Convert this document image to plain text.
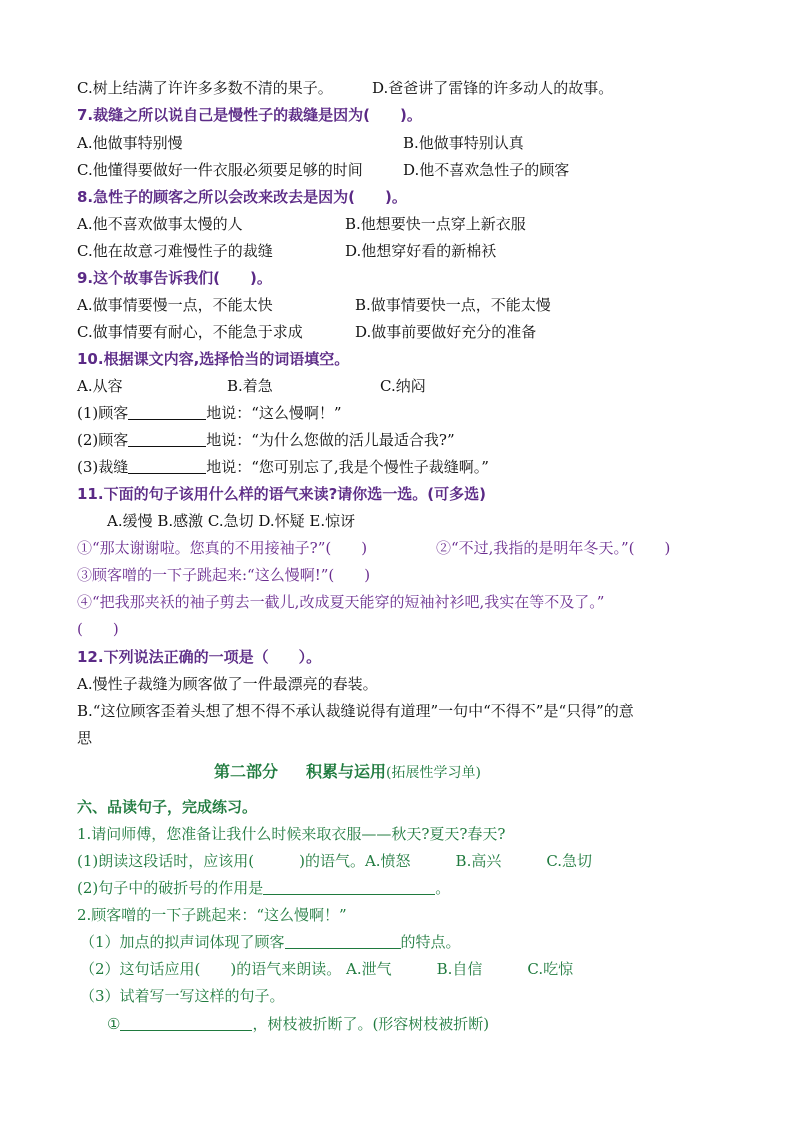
C.树上结满了许许多多数不清的果子。	D.爸爸讲了雷锋的许多动人的故事。
7.裁缝之所以说自己是慢性子的裁缝是因为(　　)。
A.他做事特别慢	B.他做事特别认真
C.他懂得要做好一件衣服必须要足够的时间	D.他不喜欢急性子的顾客
8.急性子的顾客之所以会改来改去是因为(　　)。
A.他不喜欢做事太慢的人	B.他想要快一点穿上新衣服
C.他在故意刁难慢性子的裁缝	D.他想穿好看的新棉袄
9.这个故事告诉我们(　　)。
A.做事情要慢一点，不能太快	B.做事情要快一点，不能太慢
C.做事情要有耐心，不能急于求成	D.做事前要做好充分的准备
10.根据课文内容,选择恰当的词语填空。
A.从容	B.着急	C.纳闷
(1)顾客	地说：“这么慢啊！”
(2)顾客	地说：“为什么您做的活儿最适合我?”
(3)裁缝	地说：“您可别忘了,我是个慢性子裁缝啊。”
11.下面的句子该用什么样的语气来读?请你选一选。(可多选)
A.缓慢 B.感激 C.急切 D.怀疑 E.惊讶
①“那太谢谢啦。您真的不用接袖子?”(　　)	②“不过,我指的是明年冬天。”(　　)
③顾客噌的一下子跳起来:“这么慢啊!”(　　)
④“把我那夹袄的袖子剪去一截儿,改成夏天能穿的短袖衬衫吧,我实在等不及了。”
(　　)
12.下列说法正确的一项是（　　）。
A.慢性子裁缝为顾客做了一件最漂亮的春装。
B.“这位顾客歪着头想了想不得不承认裁缝说得有道理”一句中“不得不”是“只得”的意
思
第二部分 积累与运用(拓展性学习单)
六、品读句子，完成练习。
1.请问师傅，您准备让我什么时候来取衣服——秋天?夏天?春天?
(1)朗读这段话时，应该用(　　　)的语气。A.愤怒　　　B.高兴　　　C.急切
(2)句子中的破折号的作用是	。
2.顾客噌的一下子跳起来：“这么慢啊！”
（1）加点的拟声词体现了顾客	的特点。
（2）这句话应用(　　)的语气来朗读。 A.泄气　　　B.自信　　　C.吃惊
（3）试着写一写这样的句子。
①	，树枝被折断了。(形容树枝被折断)
